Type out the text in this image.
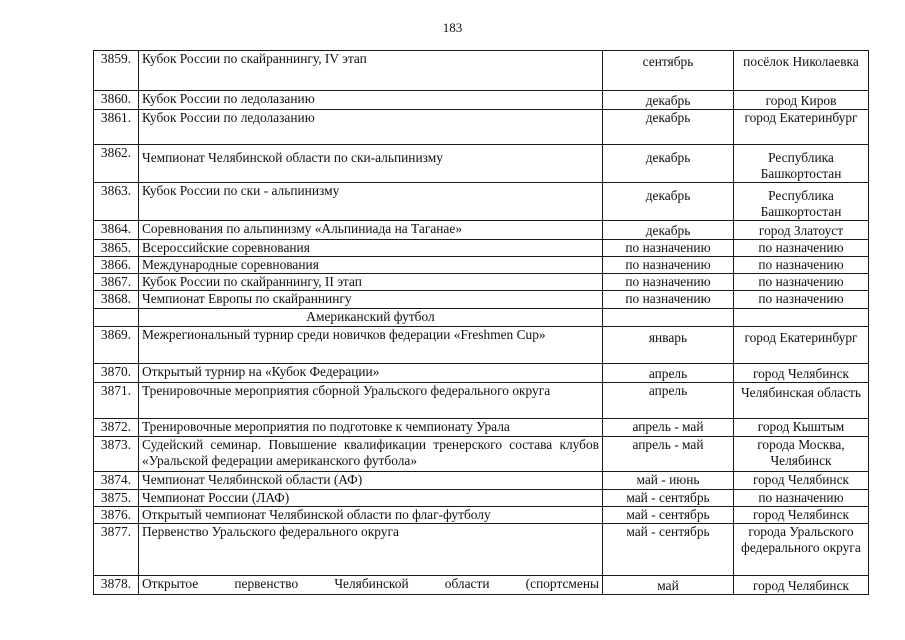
183
3859.	Кубок России по скайраннингу, IV этап	сентябрь	посёлок Николаевка
3860.	Кубок России по ледолазанию	декабрь	город Киров
3861.	Кубок России по ледолазанию	декабрь	город Екатеринбург
3862.	Чемпионат Челябинской области по ски-альпинизму	декабрь	Республика Башкортостан
3863.	Кубок России по ски - альпинизму	декабрь	Республика Башкортостан
3864.	Соревнования по альпинизму «Альпиниада на Таганае»	декабрь	город Златоуст
3865.	Всероссийские соревнования	по назначению	по назначению
3866.	Международные соревнования	по назначению	по назначению
3867.	Кубок России по скайраннингу, II этап	по назначению	по назначению
3868.	Чемпионат Европы по скайраннингу	по назначению	по назначению
	Американский футбол		
3869.	Межрегиональный турнир среди новичков федерации «Freshmen Cup»	январь	город Екатеринбург
3870.	Открытый турнир на «Кубок Федерации»	апрель	город Челябинск
3871.	Тренировочные мероприятия сборной Уральского федерального округа	апрель	Челябинская область
3872.	Тренировочные мероприятия по подготовке к чемпионату Урала	апрель - май	город Кыштым
3873.	Судейский семинар. Повышение квалификации тренерского состава клубов «Уральской федерации американского футбола»	апрель - май	города Москва, Челябинск
3874.	Чемпионат Челябинской области (АФ)	май - июнь	город Челябинск
3875.	Чемпионат России (ЛАФ)	май - сентябрь	по назначению
3876.	Открытый чемпионат Челябинской области по флаг-футболу	май - сентябрь	город Челябинск
3877.	Первенство Уральского федерального округа	май - сентябрь	города Уральского федерального округа
3878.	Открытое первенство Челябинской области (спортсмены	май	город Челябинск
